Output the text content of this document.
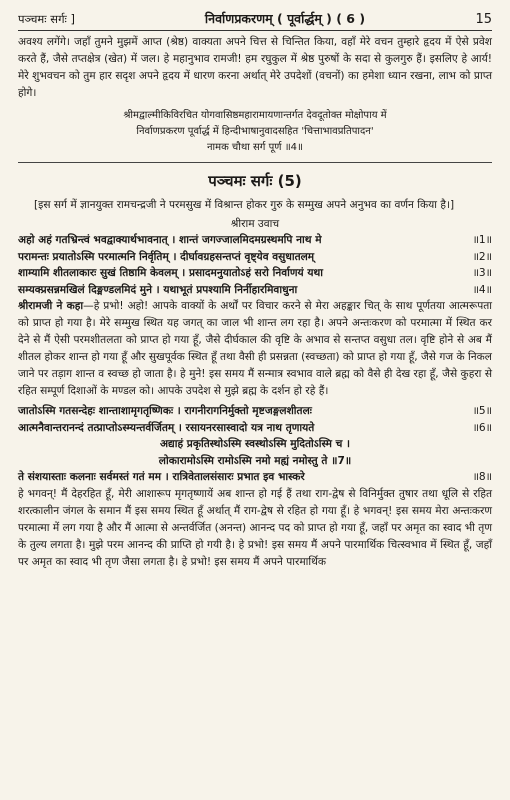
पञ्चमः सर्गः ]	निर्वाणप्रकरणम् ( पूर्वार्द्धम् ) ( 6 )	15

अवश्य लगेंगे। जहाँ तुमने मुझमें आप्त (श्रेष्ठ) वाक्यता अपने चित्त से चिन्तित किया, वहाँ मेरे वचन तुम्हारे हृदय में ऐसे प्रवेश करते हैं, जैसे तप्तक्षेत्र (खेत) में जल। हे महानुभाव रामजी! हम रघुकुल में श्रेष्ठ पुरुषों के सदा से कुलगुरु हैं। इसलिए हे आर्य! मेरे शुभवचन को तुम हार सदृश अपने हृदय में धारण करना अर्थात् मेरे उपदेशों (वचनों) का हमेशा ध्यान रखना, लाभ को प्राप्त होगे।

श्रीमद्वाल्मीकिविरचित योगवासिष्ठमहारामायणान्तर्गत देवदूतोक्त मोक्षोपाय में
निर्वाणप्रकरण पूर्वार्द्ध में हिन्दीभाषानुवादसहित 'चित्ताभावप्रतिपादन'
नामक चौथा सर्ग पूर्ण ॥4॥
पञ्चमः सर्गः (5)

[इस सर्ग में ज्ञानयुक्त रामचन्द्रजी ने परमसुख में विश्रान्त होकर गुरु के सम्मुख अपने अनुभव का वर्णन किया है।]

श्रीराम उवाच
अहो अहं गतभ्रिन्त्वं भवद्वाक्यार्थभावनात् । शान्तं जगज्जालमिदमग्रस्थमपि नाथ मे	॥1॥
परामन्तः प्रयातोऽस्मि परमात्मनि निर्वृतिम् । दीर्घावग्रहसन्तप्तं वृष्ट्येव वसुधातलम्	॥2॥
शाम्यामि शीतलाकारः सुखं तिष्ठामि केवलम् । प्रसादमनुयातोऽहं सरो निर्वाणयं यथा	॥3॥
सम्यक्प्रसन्नमखिलं दिङ्मण्डलमिदं मुने । यथाभूतं प्रपश्यामि निर्नीहारमिवाधुना	॥4॥

श्रीरामजी ने कहा—हे प्रभो! अहो! आपके वाक्यों के अर्थों पर विचार करने से मेरा अहङ्कार चित् के साथ पूर्णतया आत्मरूपता को प्राप्त हो गया है। मेरे सम्मुख स्थित यह जगत् का जाल भी शान्त लग रहा है। अपने अन्तःकरण को परमात्मा में स्थित कर देने से मैं ऐसी परमशीतलता को प्राप्त हो गया हूँ, जैसे दीर्घकाल की वृष्टि के अभाव से सन्तप्त वसुधा तल। वृष्टि होने से अब मैं शीतल होकर शान्त हो गया हूँ और सुखपूर्वक स्थित हूँ तथा वैसी ही प्रसन्नता (स्वच्छता) को प्राप्त हो गया हूँ, जैसे गज के निकल जाने पर तड़ाग शान्त व स्वच्छ हो जाता है। हे मुने! इस समय मैं सन्मात्र स्वभाव वाले ब्रह्म को वैसे ही देख रहा हूँ, जैसे कुहरा से रहित सम्पूर्ण दिशाओं के मण्डल को। आपके उपदेश से मुझे ब्रह्म के दर्शन हो रहे हैं।

जातोऽस्मि गतसन्देहः शान्ताशामृगतृष्णिकः । रागनीरागनिर्मुक्तो मृष्टजङ्गलशीतलः	॥5॥
आत्मनैवान्तरानन्दं तत्प्राप्तोऽस्म्यन्तर्वर्जितम् । रसायनरसास्वादो यत्र नाथ तृणायते	॥6॥
अद्याहं प्रकृतिस्थोऽस्मि स्वस्थोऽस्मि मुदितोऽस्मि च ।
लोकारामोऽस्मि रामोऽस्मि नमो मह्यं नमोस्तु ते ॥7॥
ते संशयास्ताः कलनाः सर्वमस्तं गतं मम । रात्रिवेतालसंसारः प्रभात इव भास्करे	॥8॥

हे भगवन्! मैं देहरहित हूँ, मेरी आशारूप मृगतृष्णायें अब शान्त हो गई हैं तथा राग-द्वेष से विनिर्मुक्त तुषार तथा धूलि से रहित शरत्कालीन जंगल के समान मैं इस समय स्थित हूँ अर्थात् मैं राग-द्वेष से रहित हो गया हूँ। हे भगवन्! इस समय मेरा अन्तःकरण परमात्मा में लग गया है और मैं आत्मा से अन्तर्वर्जित (अनन्त) आनन्द पद को प्राप्त हो गया हूँ, जहाँ पर अमृत का स्वाद भी तृण के तुल्य लगता है। मुझे परम आनन्द की प्राप्ति हो गयी है। हे प्रभो! इस समय मैं अपने पारमार्थिक चित्स्वभाव में स्थित हूँ, जहाँ पर अमृत का स्वाद भी तृण जैसा लगता है। हे प्रभो! इस समय मैं अपने पारमार्थिक
